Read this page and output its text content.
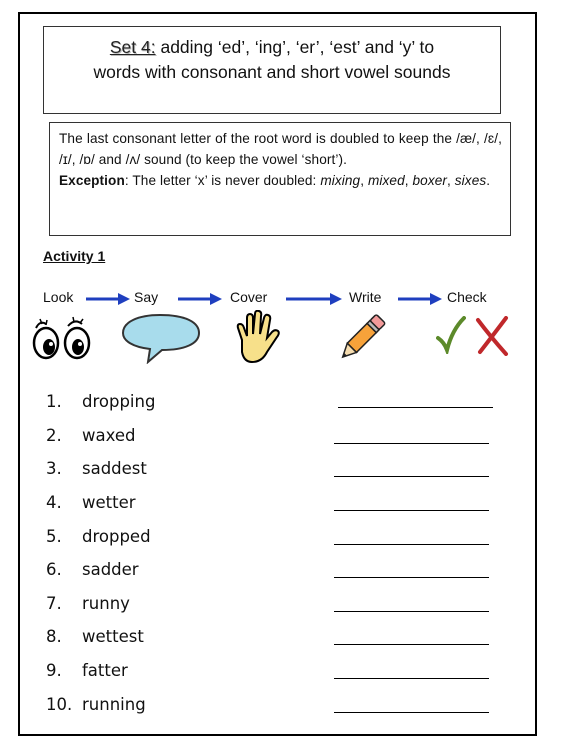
Set 4: adding ‘ed’, ‘ing’, ‘er’, ‘est’ and ‘y’ to
words with consonant and short vowel sounds
The last consonant letter of the root word is doubled to keep the /æ/, /ɛ/, /ɪ/, /ɒ/ and /ʌ/ sound (to keep the vowel ‘short’).
Exception: The letter ‘x’ is never doubled: mixing, mixed, boxer, sixes.
Activity 1
Look	Say	Cover	Write	Check
1.	dropping
2.	waxed
3.	saddest
4.	wetter
5.	dropped
6.	sadder
7.	runny
8.	wettest
9.	fatter
10. running
